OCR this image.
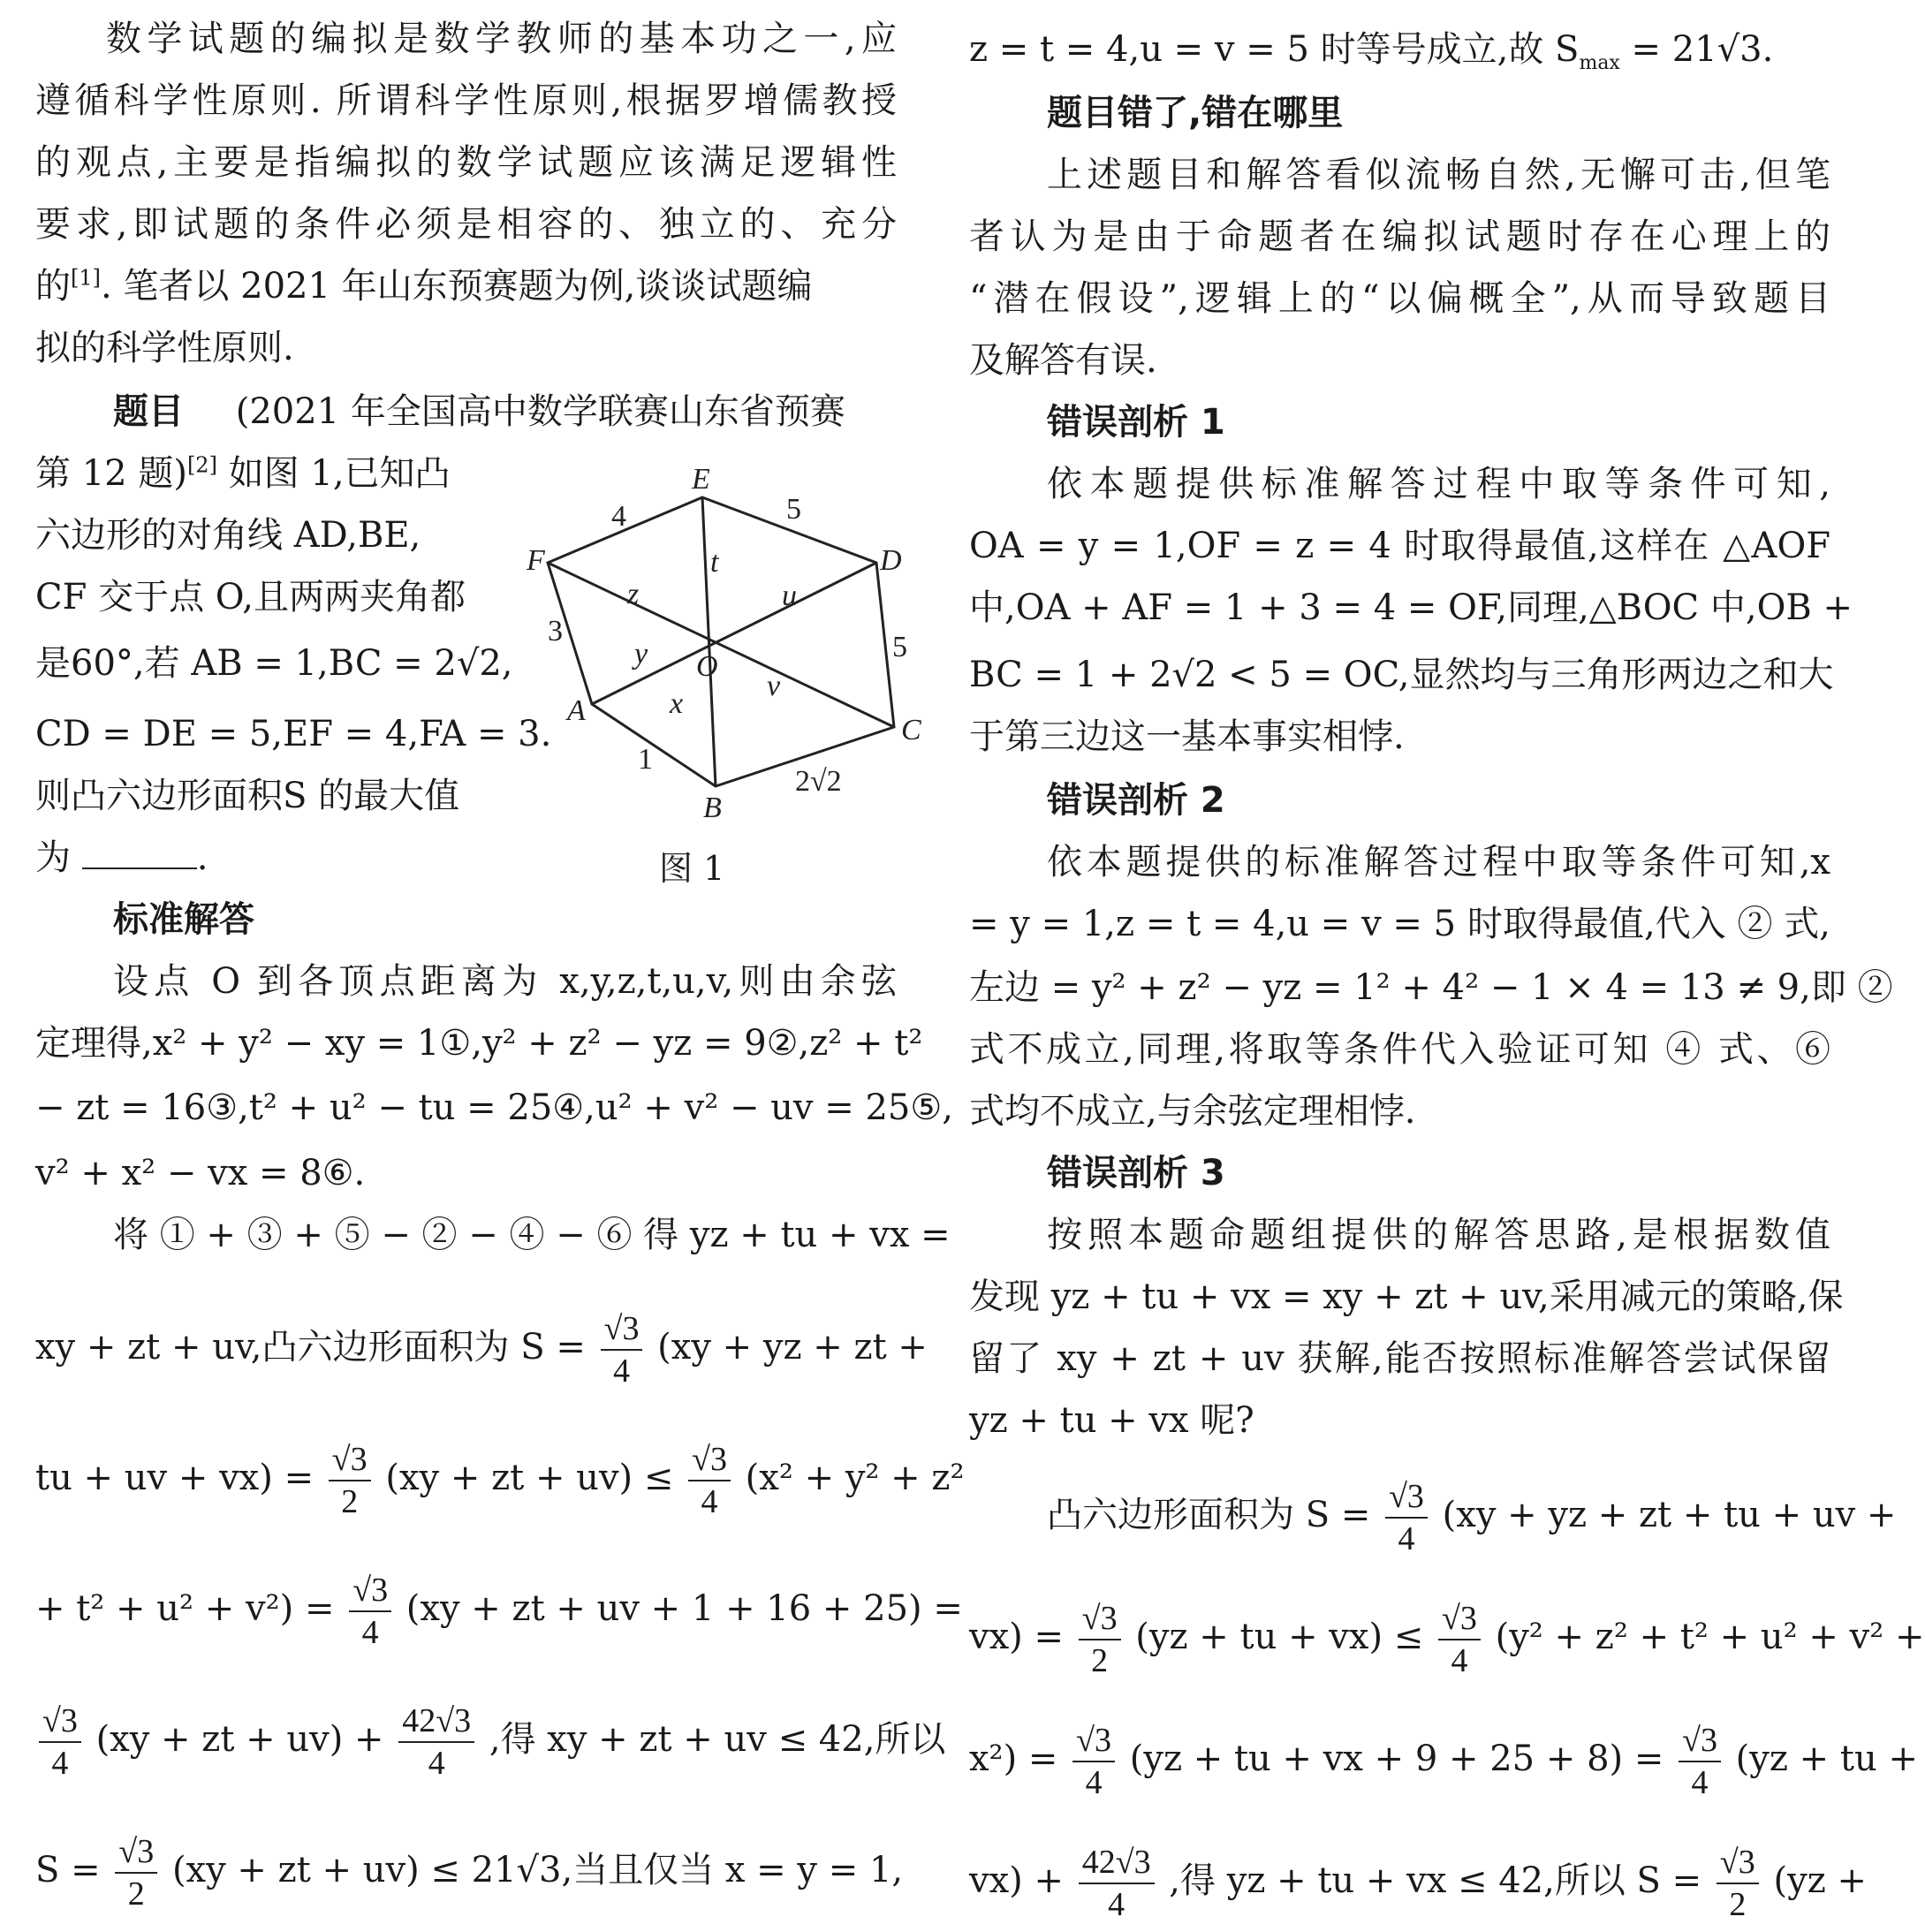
数学试题的编拟是数学教师的基本功之一,应
遵循科学性原则. 所谓科学性原则,根据罗增儒教授
的观点,主要是指编拟的数学试题应该满足逻辑性
要求,即试题的条件必须是相容的、独立的、充分
的[1]. 笔者以 2021 年山东预赛题为例,谈谈试题编
拟的科学性原则.
题目 (2021 年全国高中数学联赛山东省预赛
第 12 题)[2] 如图 1,已知凸
六边形的对角线 AD,BE,
CF 交于点 O,且两两夹角都
是60°,若 AB = 1,BC = 2√2,
CD = DE = 5,EF = 4,FA = 3.
则凸六边形面积S 的最大值
为	.
E
D
F
A
B
C
O
4	5
3	5
1
2√2
t
z	u
y
x
v
图 1
标准解答
设点 O 到各顶点距离为 x,y,z,t,u,v,则由余弦
定理得,x² + y² − xy = 1①,y² + z² − yz = 9②,z² + t²
− zt = 16③,t² + u² − tu = 25④,u² + v² − uv = 25⑤,
v² + x² − vx = 8⑥.
将 ① + ③ + ⑤ − ② − ④ − ⑥ 得 yz + tu + vx =
xy + zt + uv,凸六边形面积为 $S = \frac{√3}{4} (xy$ + yz + zt +
tu + uv + $vx) = \frac{√3}{2} (xy$ + zt + $uv) \le \frac{√3}{4} (x^2 + y^2 + z^2$
+ $t^2 + u^2 + v^2) = \frac{√3}{4} (xy$ + zt + uv + 1 + 16 + 25) =
$\frac{√3}{4} (xy$ + zt + $uv) + \frac{42√3}{4}$ ,得 xy + zt + uv ≤ 42,所以
$S = \frac{√3}{2} (xy$ + zt + uv) ≤ 21√3,当且仅当 x = y = 1,
z = t = 4,u = v = 5 时等号成立,故 $S_{max} = 21√3$.
题目错了,错在哪里
上述题目和解答看似流畅自然,无懈可击,但笔
者认为是由于命题者在编拟试题时存在心理上的
“潜在假设”,逻辑上的“以偏概全”,从而导致题目
及解答有误.
错误剖析 1
依本题提供标准解答过程中取等条件可知,
OA = y = 1,OF = z = 4 时取得最值,这样在 △AOF
中,OA + AF = 1 + 3 = 4 = OF,同理,△BOC 中,OB +
BC = 1 + 2√2 < 5 = OC,显然均与三角形两边之和大
于第三边这一基本事实相悖.
错误剖析 2
依本题提供的标准解答过程中取等条件可知,x
= y = 1,z = t = 4,u = v = 5 时取得最值,代入 ② 式,
左边 = y² + z² − yz = 1² + 4² − 1 × 4 = 13 ≠ 9,即 ②
式不成立,同理,将取等条件代入验证可知 ④ 式、⑥
式均不成立,与余弦定理相悖.
错误剖析 3
按照本题命题组提供的解答思路,是根据数值
发现 yz + tu + vx = xy + zt + uv,采用减元的策略,保
留了 xy + zt + uv 获解,能否按照标准解答尝试保留
yz + tu + vx 呢?
凸六边形面积为 $S = \frac{√3}{4} (xy$ + yz + zt + tu + uv +
$vx) = \frac{√3}{2} (yz$ + tu + $vx) \le \frac{√3}{4} (y^2 + z^2 + t^2 + u^2 + v^2$ +
$x^2) = \frac{√3}{4} (yz$ + tu + vx + $9 + 25 + 8) = \frac{√3}{4} (yz$ + tu +
$vx) + \frac{42√3}{4}$ ,得 yz + tu + vx ≤ 42,所以 $S = \frac{√3}{2} (yz$ +
